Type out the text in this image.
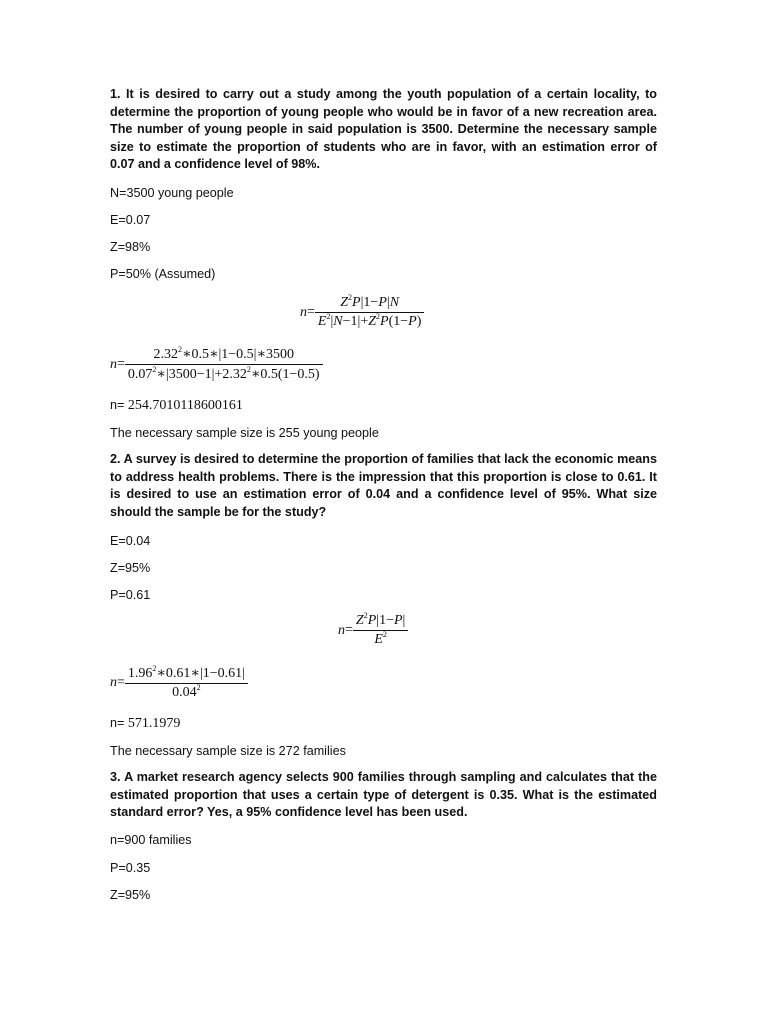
1. It is desired to carry out a study among the youth population of a certain locality, to determine the proportion of young people who would be in favor of a new recreation area. The number of young people in said population is 3500. Determine the necessary sample size to estimate the proportion of students who are in favor, with an estimation error of 0.07 and a confidence level of 98%.

N=3500 young people

E=0.07

Z=98%

P=50% (Assumed)

$n= \frac{Z^2P|1-P|N}{E^2|N-1|+Z^2P(1-P)}$
$n= \frac{2.32^2∗0.5∗|1-0.5|∗3500}{0.07^2∗|3500-1|+2.32^2∗0.5(1-0.5)}$

n= 254.7010118600161

The necessary sample size is 255 young people

2. A survey is desired to determine the proportion of families that lack the economic means to address health problems. There is the impression that this proportion is close to 0.61. It is desired to use an estimation error of 0.04 and a confidence level of 95%. What size should the sample be for the study?

E=0.04

Z=95%

P=0.61

$n= \frac{Z^2P|1-P|}{E^2}$
$n= \frac{1.96^2∗0.61∗|1-0.61|}{0.04^2}$

n= 571.1979

The necessary sample size is 272 families

3. A market research agency selects 900 families through sampling and calculates that the estimated proportion that uses a certain type of detergent is 0.35. What is the estimated standard error? Yes, a 95% confidence level has been used.

n=900 families

P=0.35

Z=95%
